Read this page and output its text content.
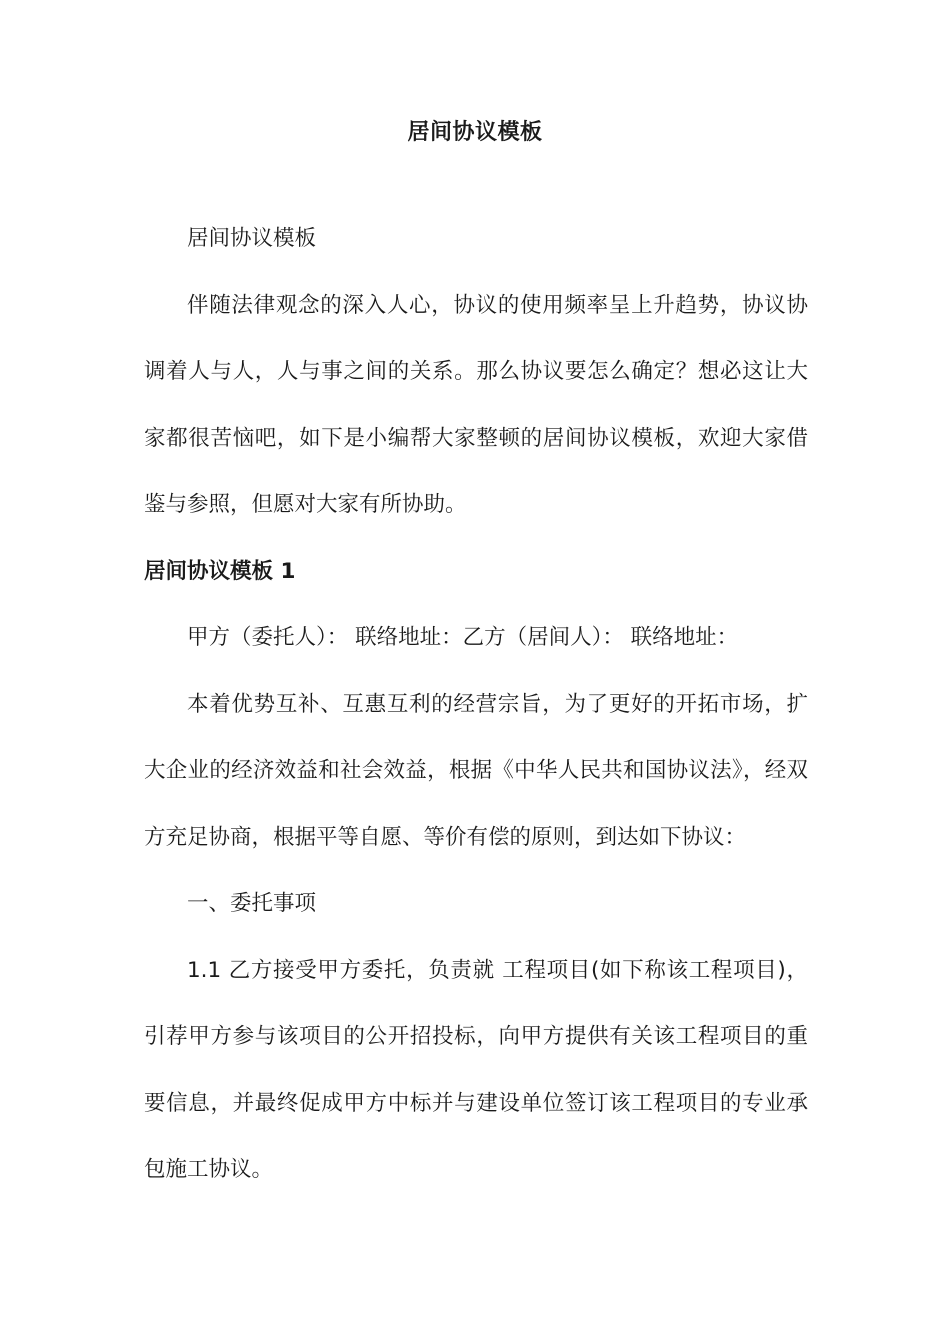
居间协议模板

居间协议模板

伴随法律观念的深入人心，协议的使用频率呈上升趋势，协议协调着人与人，人与事之间的关系。那么协议要怎么确定？想必这让大家都很苦恼吧，如下是小编帮大家整顿的居间协议模板，欢迎大家借鉴与参照，但愿对大家有所协助。

居间协议模板 1

甲方（委托人）： 联络地址：乙方（居间人）： 联络地址：

本着优势互补、互惠互利的经营宗旨，为了更好的开拓市场，扩大企业的经济效益和社会效益，根据《中华人民共和国协议法》，经双方充足协商，根据平等自愿、等价有偿的原则，到达如下协议：

一、委托事项

1.1 乙方接受甲方委托，负责就 工程项目(如下称该工程项目)，引荐甲方参与该项目的公开招投标，向甲方提供有关该工程项目的重要信息，并最终促成甲方中标并与建设单位签订该工程项目的专业承包施工协议。
